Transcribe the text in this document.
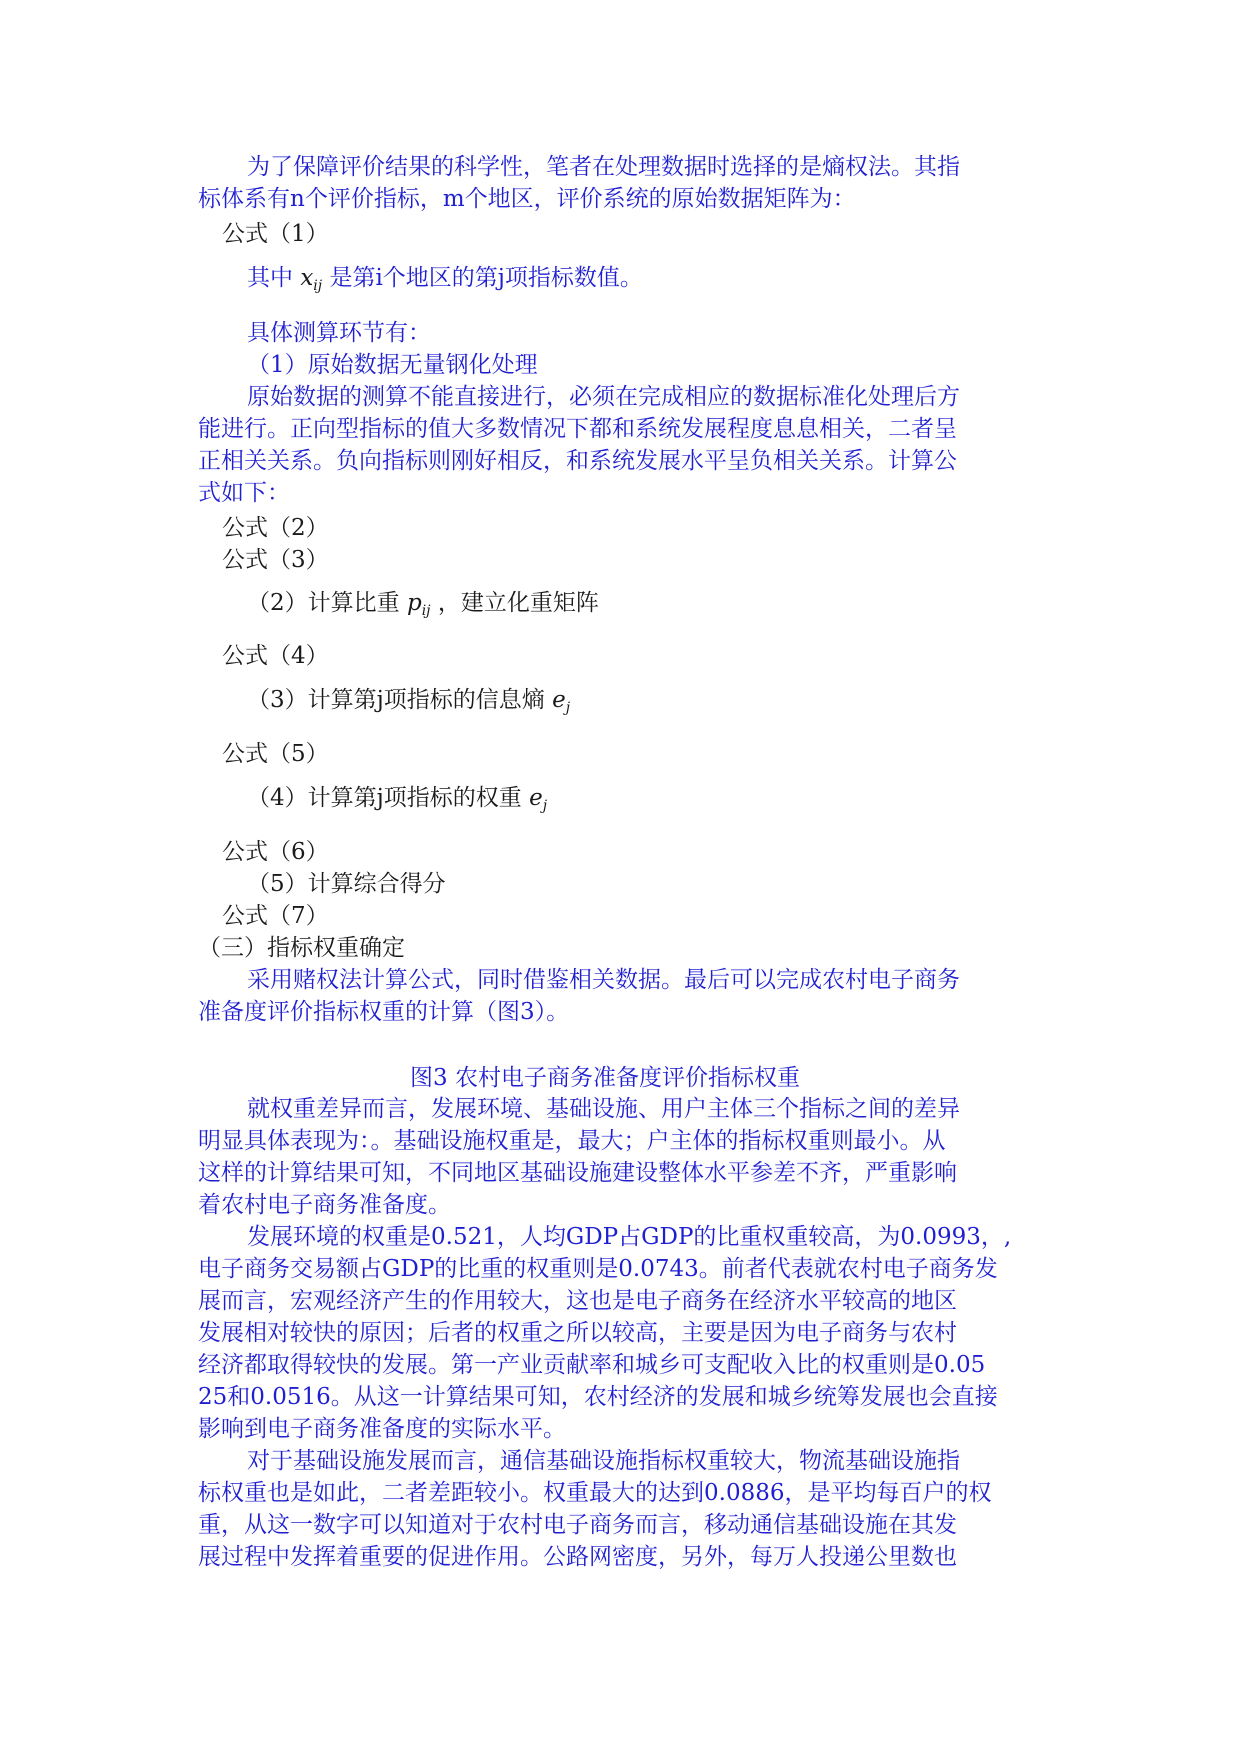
为了保障评价结果的科学性，笔者在处理数据时选择的是熵权法。其指
标体系有n个评价指标，m个地区，评价系统的原始数据矩阵为：
公式（1）
其中 $x_{ij}$ 是第i个地区的第j项指标数值。
具体测算环节有：
（1）原始数据无量钢化处理
原始数据的测算不能直接进行，必须在完成相应的数据标准化处理后方
能进行。正向型指标的值大多数情况下都和系统发展程度息息相关，二者呈
正相关关系。负向指标则刚好相反，和系统发展水平呈负相关关系。计算公
式如下：
公式（2）
公式（3）
（2）计算比重 $p_{ij}$ ，建立化重矩阵
公式（4）
（3）计算第j项指标的信息熵 $e_j$
公式（5）
（4）计算第j项指标的权重 $e_j$
公式（6）
（5）计算综合得分
公式（7）
（三）指标权重确定
采用赌权法计算公式，同时借鉴相关数据。最后可以完成农村电子商务
准备度评价指标权重的计算（图3）。
图3 农村电子商务准备度评价指标权重
就权重差异而言，发展环境、基础设施、用户主体三个指标之间的差异
明显具体表现为：。基础设施权重是，最大；户主体的指标权重则最小。从
这样的计算结果可知，不同地区基础设施建设整体水平参差不齐，严重影响
着农村电子商务准备度。
发展环境的权重是0.521，人均GDP占GDP的比重权重较高，为0.0993，,
电子商务交易额占GDP的比重的权重则是0.0743。前者代表就农村电子商务发
展而言，宏观经济产生的作用较大，这也是电子商务在经济水平较高的地区
发展相对较快的原因；后者的权重之所以较高，主要是因为电子商务与农村
经济都取得较快的发展。第一产业贡献率和城乡可支配收入比的权重则是0.05
25和0.0516。从这一计算结果可知，农村经济的发展和城乡统筹发展也会直接
影响到电子商务准备度的实际水平。
对于基础设施发展而言，通信基础设施指标权重较大，物流基础设施指
标权重也是如此，二者差距较小。权重最大的达到0.0886，是平均每百户的权
重，从这一数字可以知道对于农村电子商务而言，移动通信基础设施在其发
展过程中发挥着重要的促进作用。公路网密度，另外，每万人投递公里数也
